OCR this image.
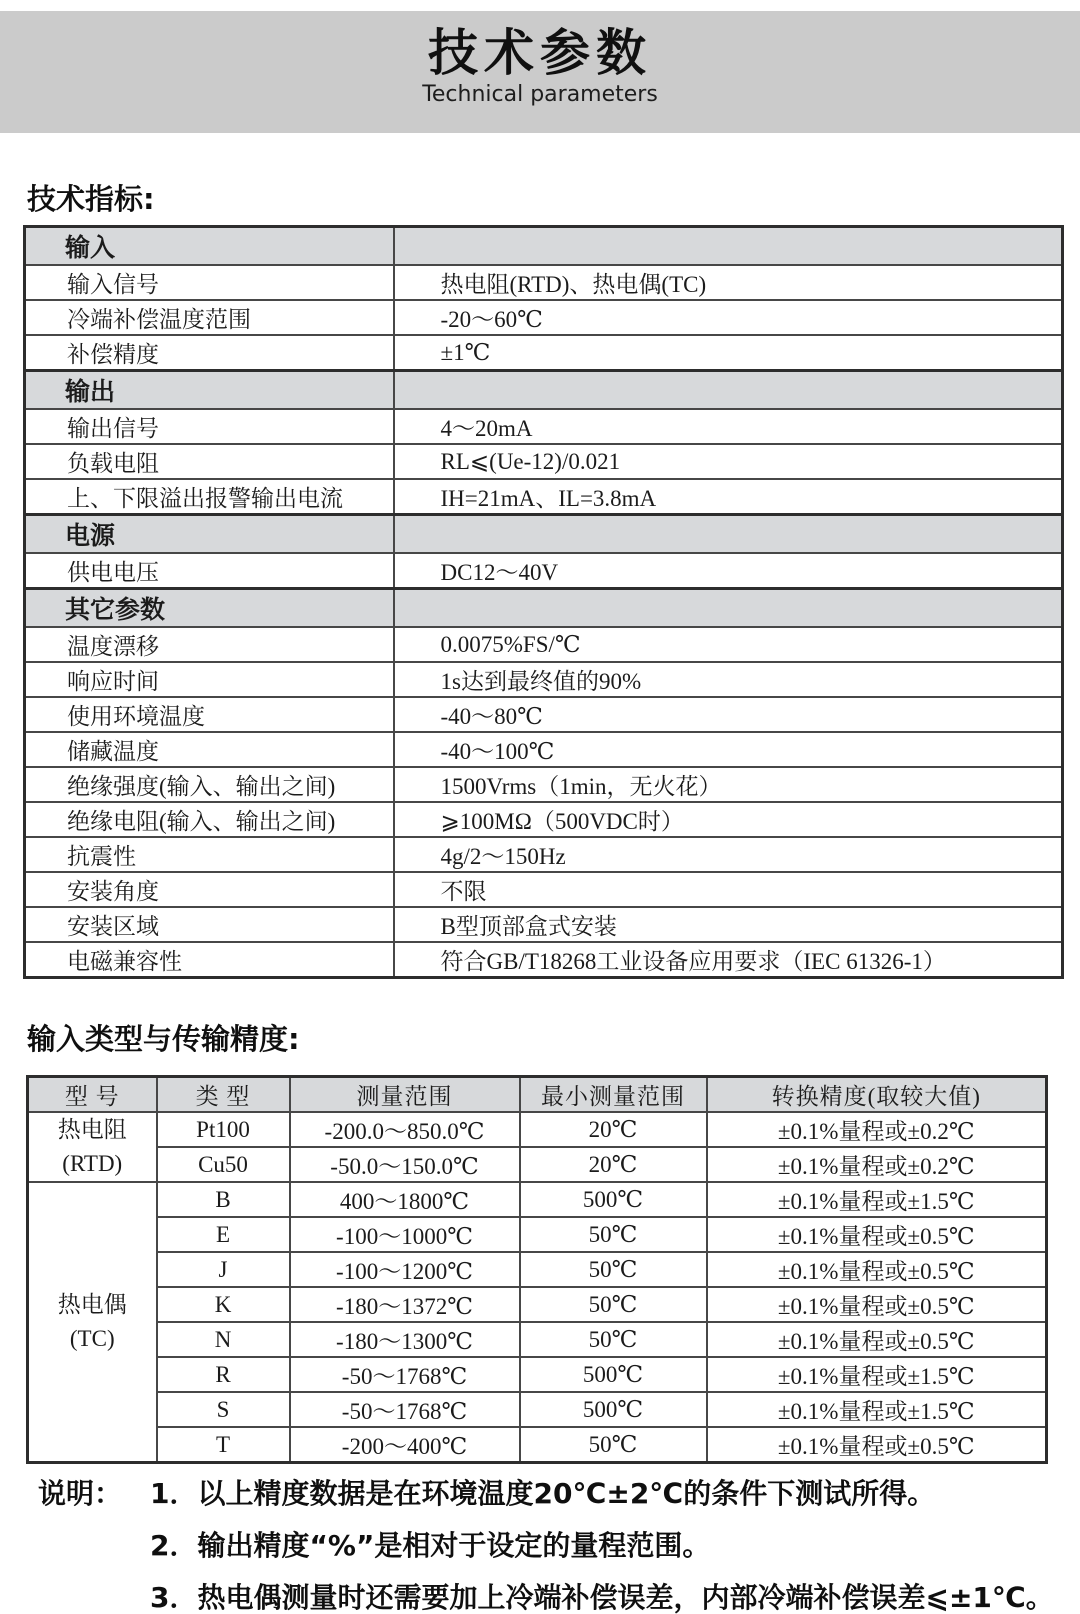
技术参数
Technical parameters
技术指标:
输入	
输入信号	热电阻(RTD)、热电偶(TC)
冷端补偿温度范围	-20～60℃
补偿精度	±1℃
输出	
输出信号	4～20mA
负载电阻	RL⩽(Ue-12)/0.021
上、下限溢出报警输出电流	IH=21mA、IL=3.8mA
电源	
供电电压	DC12～40V
其它参数	
温度漂移	0.0075%FS/℃
响应时间	1s达到最终值的90%
使用环境温度	-40～80℃
储藏温度	-40～100℃
绝缘强度(输入、输出之间)	1500Vrms（1min，无火花）
绝缘电阻(输入、输出之间)	⩾100MΩ（500VDC时）
抗震性	4g/2～150Hz
安装角度	不限
安装区域	B型顶部盒式安装
电磁兼容性	符合GB/T18268工业设备应用要求（IEC 61326-1）
输入类型与传输精度:
型 号	类 型	测量范围	最小测量范围	转换精度(取较大值)

热电阻
(RTD)	Pt100	-200.0～850.0℃	20℃	±0.1%量程或±0.2℃
	Cu50	-50.0～150.0℃	20℃	±0.1%量程或±0.2℃

热电偶
(TC)	B	400～1800℃	500℃	±0.1%量程或±1.5℃
	E	-100～1000℃	50℃	±0.1%量程或±0.5℃
	J	-100～1200℃	50℃	±0.1%量程或±0.5℃
	K	-180～1372℃	50℃	±0.1%量程或±0.5℃
	N	-180～1300℃	50℃	±0.1%量程或±0.5℃
	R	-50～1768℃	500℃	±0.1%量程或±1.5℃
	S	-50～1768℃	500℃	±0.1%量程或±1.5℃
	T	-200～400℃	50℃	±0.1%量程或±0.5℃
说明： 1．以上精度数据是在环境温度20℃±2℃的条件下测试所得。
2．输出精度“%”是相对于设定的量程范围。
3．热电偶测量时还需要加上冷端补偿误差，内部冷端补偿误差⩽±1℃。
